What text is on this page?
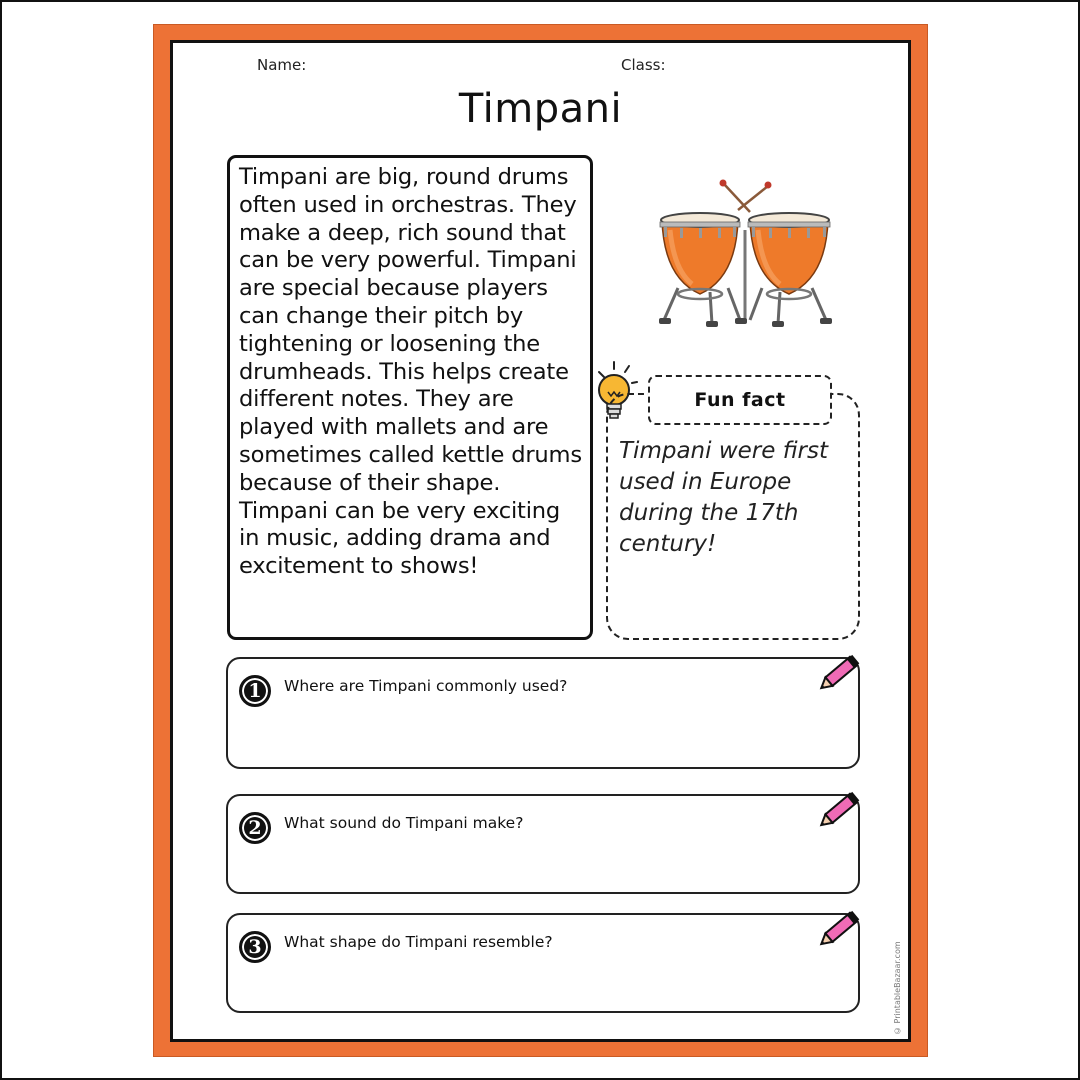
Name:	Class:
Timpani

Timpani are big, round drums often used in orchestras. They make a deep, rich sound that can be very powerful. Timpani are special because players can change their pitch by tightening or loosening the drumheads. This helps create different notes. They are played with mallets and are sometimes called kettle drums because of their shape. Timpani can be very exciting in music, adding drama and excitement to shows!

Fun fact

Timpani were first used in Europe during the 17th century!

1	Where are Timpani commonly used?
2	What sound do Timpani make?
3	What shape do Timpani resemble?	© PrintableBazaar.com
